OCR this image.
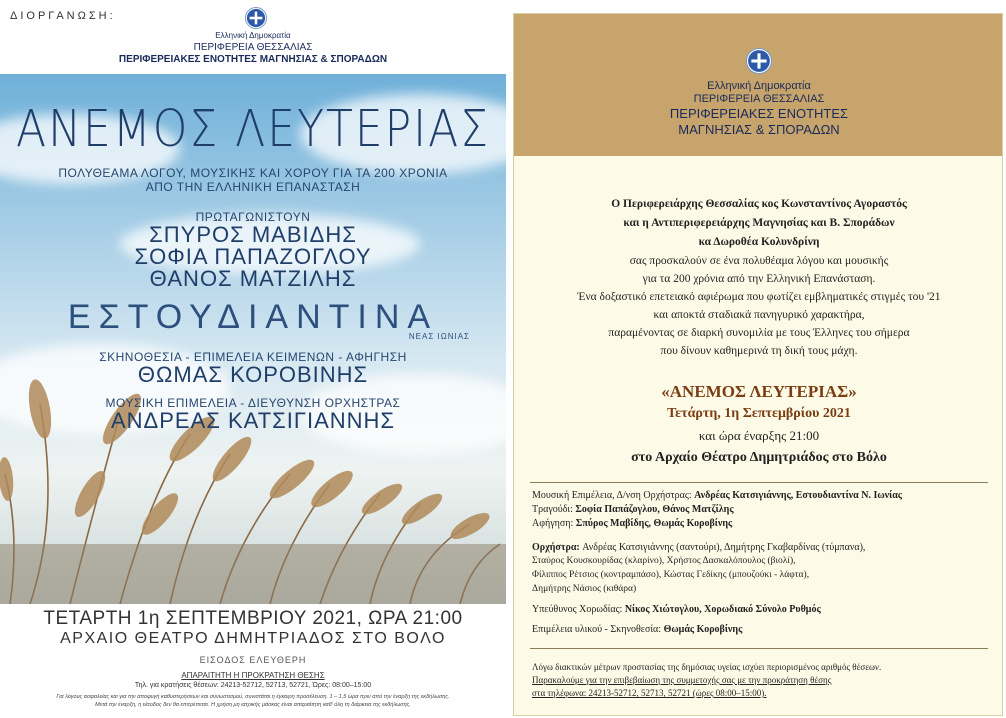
ΔΙΟΡΓΑΝΩΣΗ:
Ελληνική Δημοκρατία
ΠΕΡΙΦΕΡΕΙΑ ΘΕΣΣΑΛΙΑΣ
ΠΕΡΙΦΕΡΕΙΑΚΕΣ ΕΝΟΤΗΤΕΣ ΜΑΓΝΗΣΙΑΣ & ΣΠΟΡΑΔΩΝ
ΑΝΕΜΟΣ ΛΕΥΤΕΡΙΑΣ
ΠΟΛΥΘΕΑΜΑ ΛΟΓΟΥ, ΜΟΥΣΙΚΗΣ ΚΑΙ ΧΟΡΟΥ ΓΙΑ ΤΑ 200 ΧΡΟΝΙΑ
ΑΠΟ ΤΗΝ ΕΛΛΗΝΙΚΗ ΕΠΑΝΑΣΤΑΣΗ
ΠΡΩΤΑΓΩΝΙΣΤΟΥΝ
ΣΠΥΡΟΣ ΜΑΒΙΔΗΣ
ΣΟΦΙΑ ΠΑΠΑΖΟΓΛΟΥ
ΘΑΝΟΣ ΜΑΤΖΙΛΗΣ
ΕΣΤΟΥΔΙΑΝΤΙΝΑ
ΝΕΑΣ ΙΩΝΙΑΣ
ΣΚΗΝΟΘΕΣΙΑ - ΕΠΙΜΕΛΕΙΑ ΚΕΙΜΕΝΩΝ - ΑΦΗΓΗΣΗ
ΘΩΜΑΣ ΚΟΡΟΒΙΝΗΣ
ΜΟΥΣΙΚΗ ΕΠΙΜΕΛΕΙΑ - ΔΙΕΥΘΥΝΣΗ ΟΡΧΗΣΤΡΑΣ
ΑΝΔΡΕΑΣ ΚΑΤΣΙΓΙΑΝΝΗΣ
ΤΕΤΑΡΤΗ 1η ΣΕΠΤΕΜΒΡΙΟΥ 2021, ΩΡΑ 21:00
ΑΡΧΑΙΟ ΘΕΑΤΡΟ ΔΗΜΗΤΡΙΑΔΟΣ ΣΤΟ ΒΟΛΟ
ΕΙΣΟΔΟΣ ΕΛΕΥΘΕΡΗ
ΑΠΑΡΑΙΤΗΤΗ Η ΠΡΟΚΡΑΤΗΣΗ ΘΕΣΗΣ
Τηλ. για κρατήσεις θέσεων: 24213-52712, 52713, 52721, Ώρες: 08:00–15:00
Για λόγους ασφαλείας και για την αποφυγή καθυστερήσεων και συνωστισμού, συνιστάται η έγκαιρη προσέλευση. 1 – 1,5 ώρα πριν από την έναρξη της εκδήλωσης.
Μετά την έναρξη, η είσοδος δεν θα επιτρέπεται. Η χρήση μη ιατρικής μάσκας είναι απαραίτητη καθ' όλη τη διάρκεια της εκδήλωσης.
Ελληνική Δημοκρατία
ΠΕΡΙΦΕΡΕΙΑ ΘΕΣΣΑΛΙΑΣ
ΠΕΡΙΦΕΡΕΙΑΚΕΣ ΕΝΟΤΗΤΕΣ
ΜΑΓΝΗΣΙΑΣ & ΣΠΟΡΑΔΩΝ
Ο Περιφερειάρχης Θεσσαλίας κος Κωνσταντίνος Αγοραστός
και η Αντιπεριφερειάρχης Μαγνησίας και Β. Σποράδων
κα Δωροθέα Κολυνδρίνη
σας προσκαλούν σε ένα πολυθέαμα λόγου και μουσικής
για τα 200 χρόνια από την Ελληνική Επανάσταση.
Ένα δοξαστικό επετειακό αφιέρωμα που φωτίζει εμβληματικές στιγμές του '21
και αποκτά σταδιακά πανηγυρικό χαρακτήρα,
παραμένοντας σε διαρκή συνομιλία με τους Έλληνες του σήμερα
που δίνουν καθημερινά τη δική τους μάχη.
«ΑΝΕΜΟΣ ΛΕΥΤΕΡΙΑΣ»
Τετάρτη, 1η Σεπτεμβρίου 2021
και ώρα έναρξης 21:00
στο Αρχαίο Θέατρο Δημητριάδος στο Βόλο
Μουσική Επιμέλεια, Δ/νση Ορχήστρας: Ανδρέας Κατσιγιάννης, Εστουδιαντίνα Ν. Ιωνίας
Τραγούδι: Σοφία Παπάζογλου, Θάνος Ματζίλης
Αφήγηση: Σπύρος Μαβίδης, Θωμάς Κοροβίνης
Ορχήστρα: Ανδρέας Κατσιγιάννης (σαντούρι), Δημήτρης Γκαβαρδίνας (τύμπανα),
Σταύρος Κουσκουρίδας (κλαρίνο), Χρήστος Δασκαλόπουλος (βιολί),
Φίλιππος Ρέτσιος (κοντραμπάσο), Κώστας Γεδίκης (μπουζούκι - λάφτα),
Δημήτρης Νάσιος (κιθάρα)
Υπεύθυνος Χορωδίας: Νίκος Χιώτογλου, Χορωδιακό Σύνολο Ρυθμός
Επιμέλεια υλικού - Σκηνοθεσία: Θωμάς Κοροβίνης
Λόγω διακτικών μέτρων προστασίας της δημόσιας υγείας ισχύει περιορισμένος αριθμός θέσεων.
Παρακαλούμε για την επιβεβαίωση της συμμετοχής σας με την προκράτηση θέσης
στα τηλέφωνα: 24213-52712, 52713, 52721 (ώρες 08:00–15:00).
